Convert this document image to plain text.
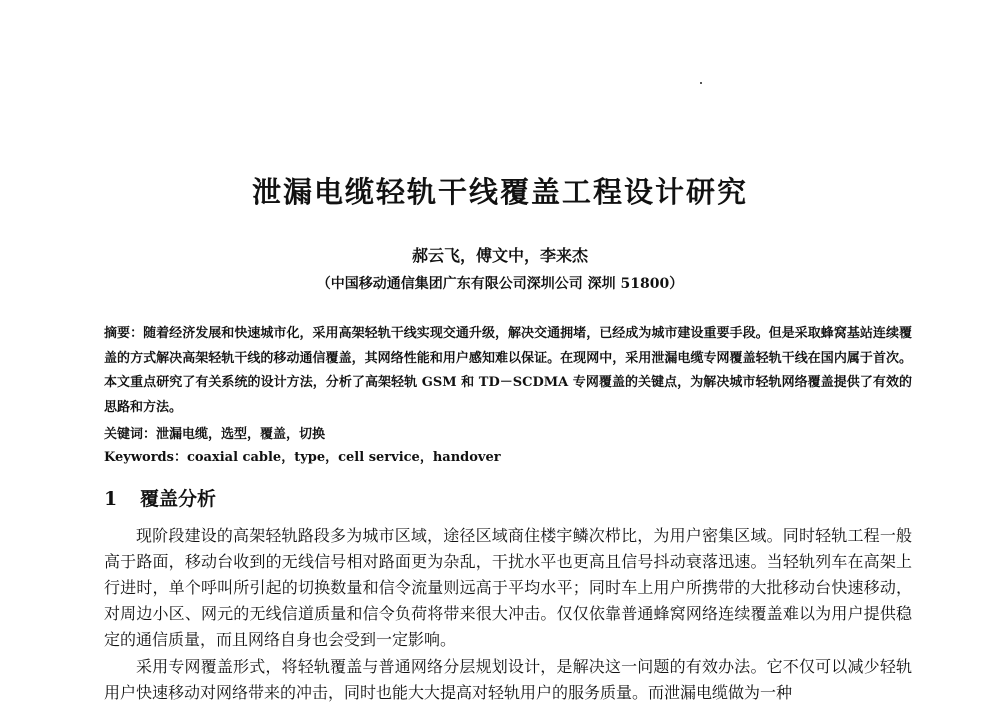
泄漏电缆轻轨干线覆盖工程设计研究

郝云飞，傅文中，李来杰

（中国移动通信集团广东有限公司深圳公司 深圳 51800）

摘要：随着经济发展和快速城市化，采用高架轻轨干线实现交通升级，解决交通拥堵，已经成为城市建设重要手段。但是采取蜂窝基站连续覆盖的方式解决高架轻轨干线的移动通信覆盖，其网络性能和用户感知难以保证。在现网中，采用泄漏电缆专网覆盖轻轨干线在国内属于首次。本文重点研究了有关系统的设计方法，分析了高架轻轨 GSM 和 TD－SCDMA 专网覆盖的关键点，为解决城市轻轨网络覆盖提供了有效的思路和方法。

关键词：泄漏电缆，选型，覆盖，切换

Keywords：coaxial cable，type，cell service，handover

1 覆盖分析

现阶段建设的高架轻轨路段多为城市区域，途径区域商住楼宇鳞次栉比，为用户密集区域。同时轻轨工程一般高于路面，移动台收到的无线信号相对路面更为杂乱，干扰水平也更高且信号抖动衰落迅速。当轻轨列车在高架上行进时，单个呼叫所引起的切换数量和信令流量则远高于平均水平；同时车上用户所携带的大批移动台快速移动，对周边小区、网元的无线信道质量和信令负荷将带来很大冲击。仅仅依靠普通蜂窝网络连续覆盖难以为用户提供稳定的通信质量，而且网络自身也会受到一定影响。

采用专网覆盖形式，将轻轨覆盖与普通网络分层规划设计，是解决这一问题的有效办法。它不仅可以减少轻轨用户快速移动对网络带来的冲击，同时也能大大提高对轻轨用户的服务质量。而泄漏电缆做为一种
